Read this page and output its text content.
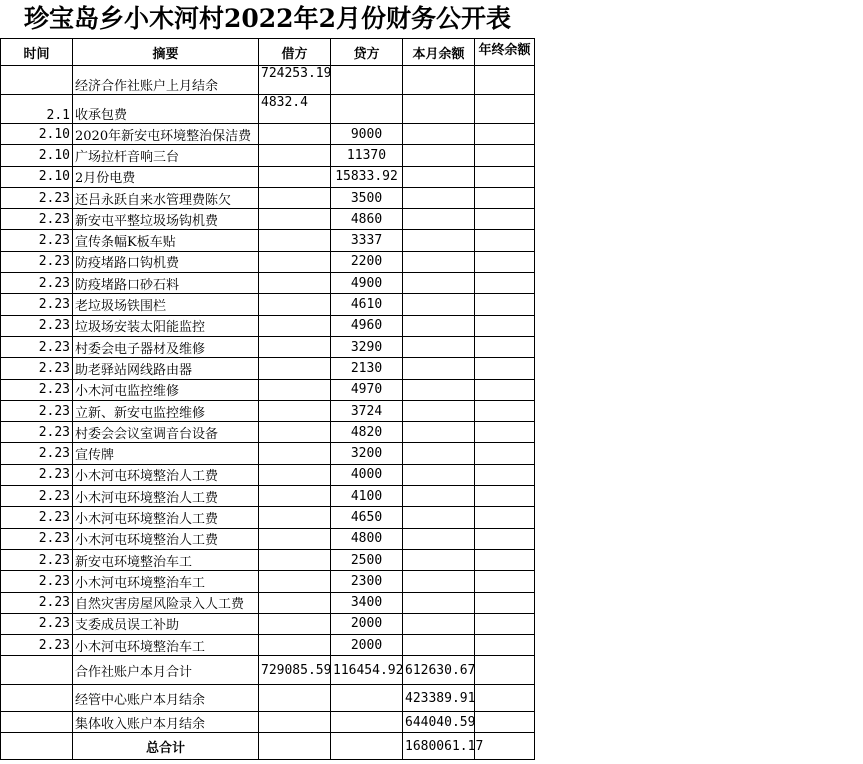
珍宝岛乡小木河村2022年2月份财务公开表
时间	摘要	借方	贷方	本月余额	年终余额
	经济合作社账户上月结余	724253.19			
2.1	收承包费	4832.4			
2.10	2020年新安屯环境整治保洁费		9000		
2.10	广场拉杆音响三台		11370		
2.10	2月份电费		15833.92		
2.23	还吕永跃自来水管理费陈欠		3500		
2.23	新安屯平整垃圾场钩机费		4860		
2.23	宣传条幅K板车贴		3337		
2.23	防疫堵路口钩机费		2200		
2.23	防疫堵路口砂石料		4900		
2.23	老垃圾场铁围栏		4610		
2.23	垃圾场安装太阳能监控		4960		
2.23	村委会电子器材及维修		3290		
2.23	助老驿站网线路由器		2130		
2.23	小木河屯监控维修		4970		
2.23	立新、新安屯监控维修		3724		
2.23	村委会会议室调音台设备		4820		
2.23	宣传牌		3200		
2.23	小木河屯环境整治人工费		4000		
2.23	小木河屯环境整治人工费		4100		
2.23	小木河屯环境整治人工费		4650		
2.23	小木河屯环境整治人工费		4800		
2.23	新安屯环境整治车工		2500		
2.23	小木河屯环境整治车工		2300		
2.23	自然灾害房屋风险录入人工费		3400		
2.23	支委成员误工补助		2000		
2.23	小木河屯环境整治车工		2000		
	合作社账户本月合计	729085.59	116454.92	612630.67	
	经管中心账户本月结余			423389.91	
	集体收入账户本月结余			644040.59	
	总合计			1680061.17	
